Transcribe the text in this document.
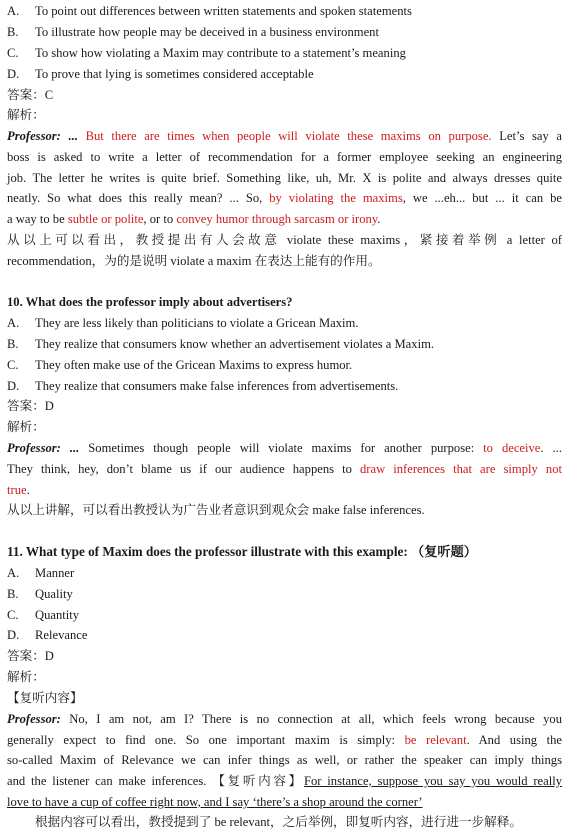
A. To point out differences between written statements and spoken statements
B. To illustrate how people may be deceived in a business environment
C. To show how violating a Maxim may contribute to a statement’s meaning
D. To prove that lying is sometimes considered acceptable
答案：C
解析：
Professor: ... But there are times when people will violate these maxims on purpose. Let’s say a
boss is asked to write a letter of recommendation for a former employee seeking an engineering
job. The letter he writes is quite brief. Something like, uh, Mr. X is polite and always dresses quite
neatly. So what does this really mean? ... So, by violating the maxims, we ...eh... but ... it can be
a way to be subtle or polite, or to convey humor through sarcasm or irony.
从以上可以看出，教授提出有人会故意 violate these maxims，紧接着举例 a letter of
recommendation，为的是说明 violate a maxim 在表达上能有的作用。
10. What does the professor imply about advertisers?
A. They are less likely than politicians to violate a Gricean Maxim.
B. They realize that consumers know whether an advertisement violates a Maxim.
C. They often make use of the Gricean Maxims to express humor.
D. They realize that consumers make false inferences from advertisements.
答案：D
解析：
Professor: ... Sometimes though people will violate maxims for another purpose: to deceive. ...
They think, hey, don’t blame us if our audience happens to draw inferences that are simply not
true.
从以上讲解，可以看出教授认为广告业者意识到观众会 make false inferences.
11. What type of Maxim does the professor illustrate with this example: （复听题）
A. Manner
B. Quality
C. Quantity
D. Relevance
答案：D
解析：
【复听内容】
Professor: No, I am not, am I? There is no connection at all, which feels wrong because you
generally expect to find one. So one important maxim is simply: be relevant. And using the
so-called Maxim of Relevance we can infer things as well, or rather the speaker can imply things
and the listener can make inferences. 【复听内容】For instance, suppose you say you would really
love to have a cup of coffee right now, and I say ‘there’s a shop around the corner’
根据内容可以看出，教授提到了 be relevant，之后举例，即复听内容，进行进一步解释。
